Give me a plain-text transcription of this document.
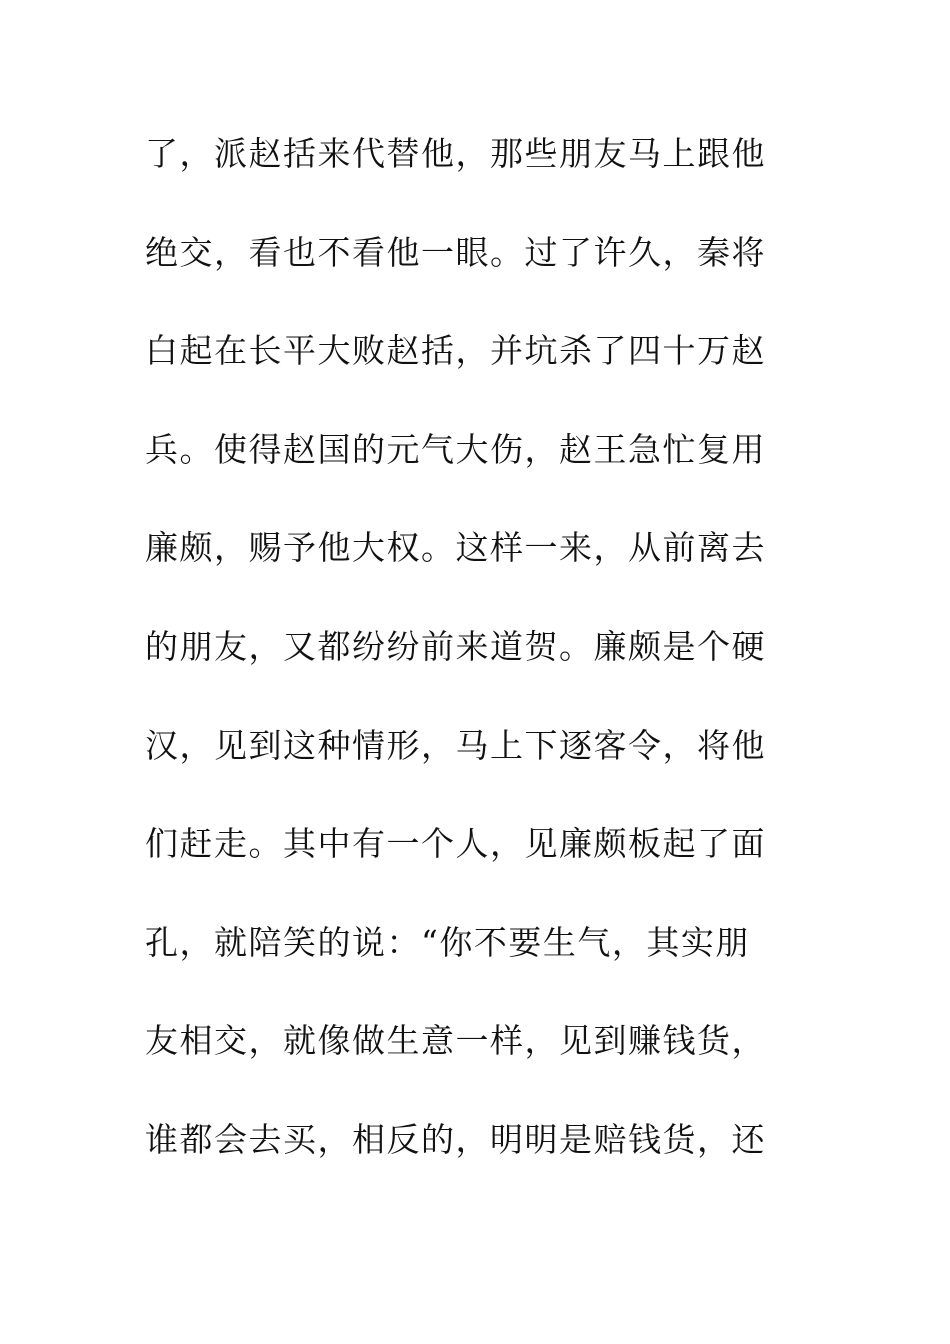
了，派赵括来代替他，那些朋友马上跟他
绝交，看也不看他一眼。过了许久，秦将
白起在长平大败赵括，并坑杀了四十万赵
兵。使得赵国的元气大伤，赵王急忙复用
廉颇，赐予他大权。这样一来，从前离去
的朋友，又都纷纷前来道贺。廉颇是个硬
汉，见到这种情形，马上下逐客令，将他
们赶走。其中有一个人，见廉颇板起了面
孔，就陪笑的说：“你不要生气，其实朋
友相交，就像做生意一样，见到赚钱货，
谁都会去买，相反的，明明是赔钱货，还
